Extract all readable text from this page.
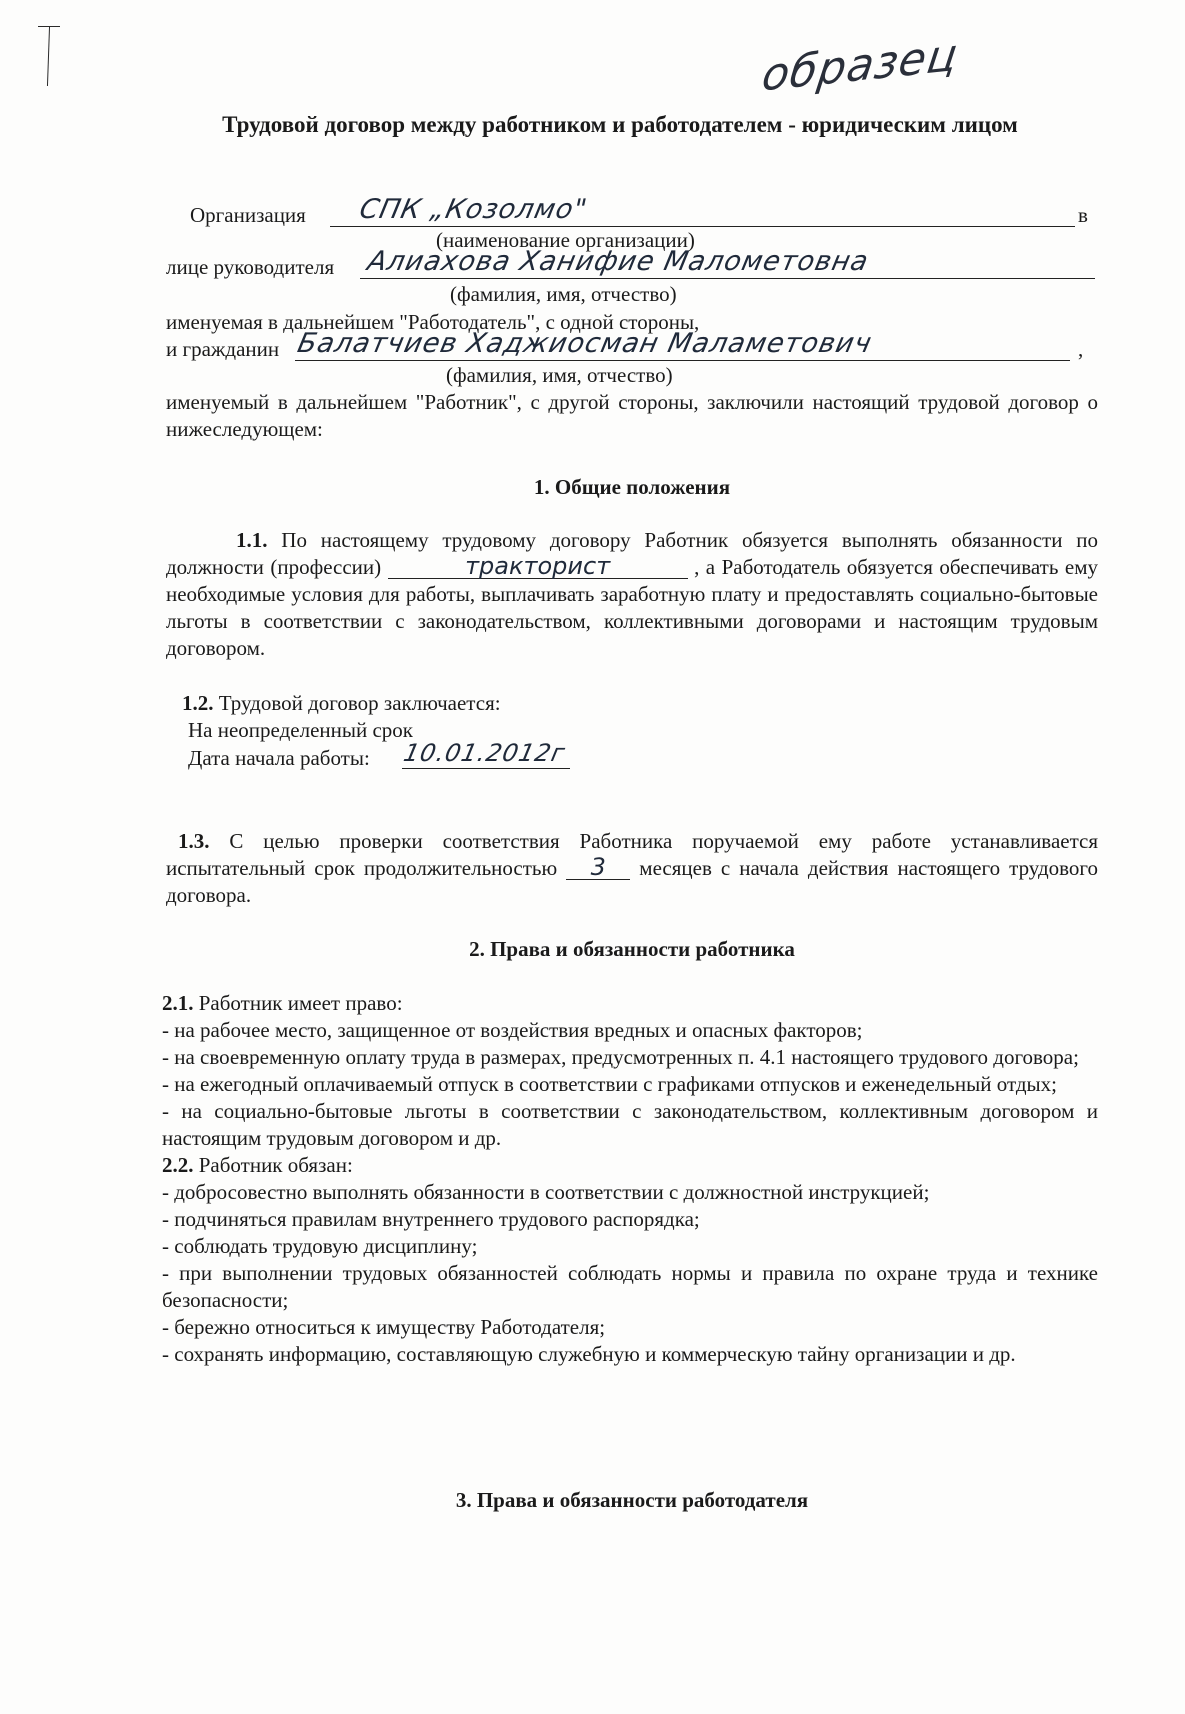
образец
Трудовой договор между работником и работодателем - юридическим лицом
Организация СПК „Козолмо"	в
(наименование организации)
лице руководителя Алиахова Ханифие Малометовна
(фамилия, имя, отчество)
именуемая в дальнейшем "Работодатель", с одной стороны,
и гражданин Балатчиев Хаджиосман Маламетович	,
(фамилия, имя, отчество)
именуемый в дальнейшем "Работник", с другой стороны, заключили настоящий трудовой договор о нижеследующем:
1. Общие положения
1.1. По настоящему трудовому договору Работник обязуется выполнять обязанности по должности (профессии)	тракторист	, а Работодатель обязуется обеспечивать ему необходимые условия для работы, выплачивать заработную плату и предоставлять социально-бытовые льготы в соответствии с законодательством, коллективными договорами и настоящим трудовым договором.
1.2. Трудовой договор заключается:
На неопределенный срок
Дата начала работы: 10.01.2012г
1.3. С целью проверки соответствия Работника поручаемой ему работе устанавливается испытательный срок продолжительностью 3 месяцев с начала действия настоящего трудового договора.
2. Права и обязанности работника

2.1. Работник имеет право:

- на рабочее место, защищенное от воздействия вредных и опасных факторов;

- на своевременную оплату труда в размерах, предусмотренных п. 4.1 настоящего трудового договора;

- на ежегодный оплачиваемый отпуск в соответствии с графиками отпусков и еженедельный отдых;

- на социально-бытовые льготы в соответствии с законодательством, коллективным договором и настоящим трудовым договором и др.

2.2. Работник обязан:

- добросовестно выполнять обязанности в соответствии с должностной инструкцией;

- подчиняться правилам внутреннего трудового распорядка;

- соблюдать трудовую дисциплину;

- при выполнении трудовых обязанностей соблюдать нормы и правила по охране труда и технике безопасности;

- бережно относиться к имуществу Работодателя;

- сохранять информацию, составляющую служебную и коммерческую тайну организации и др.

3. Права и обязанности работодателя
